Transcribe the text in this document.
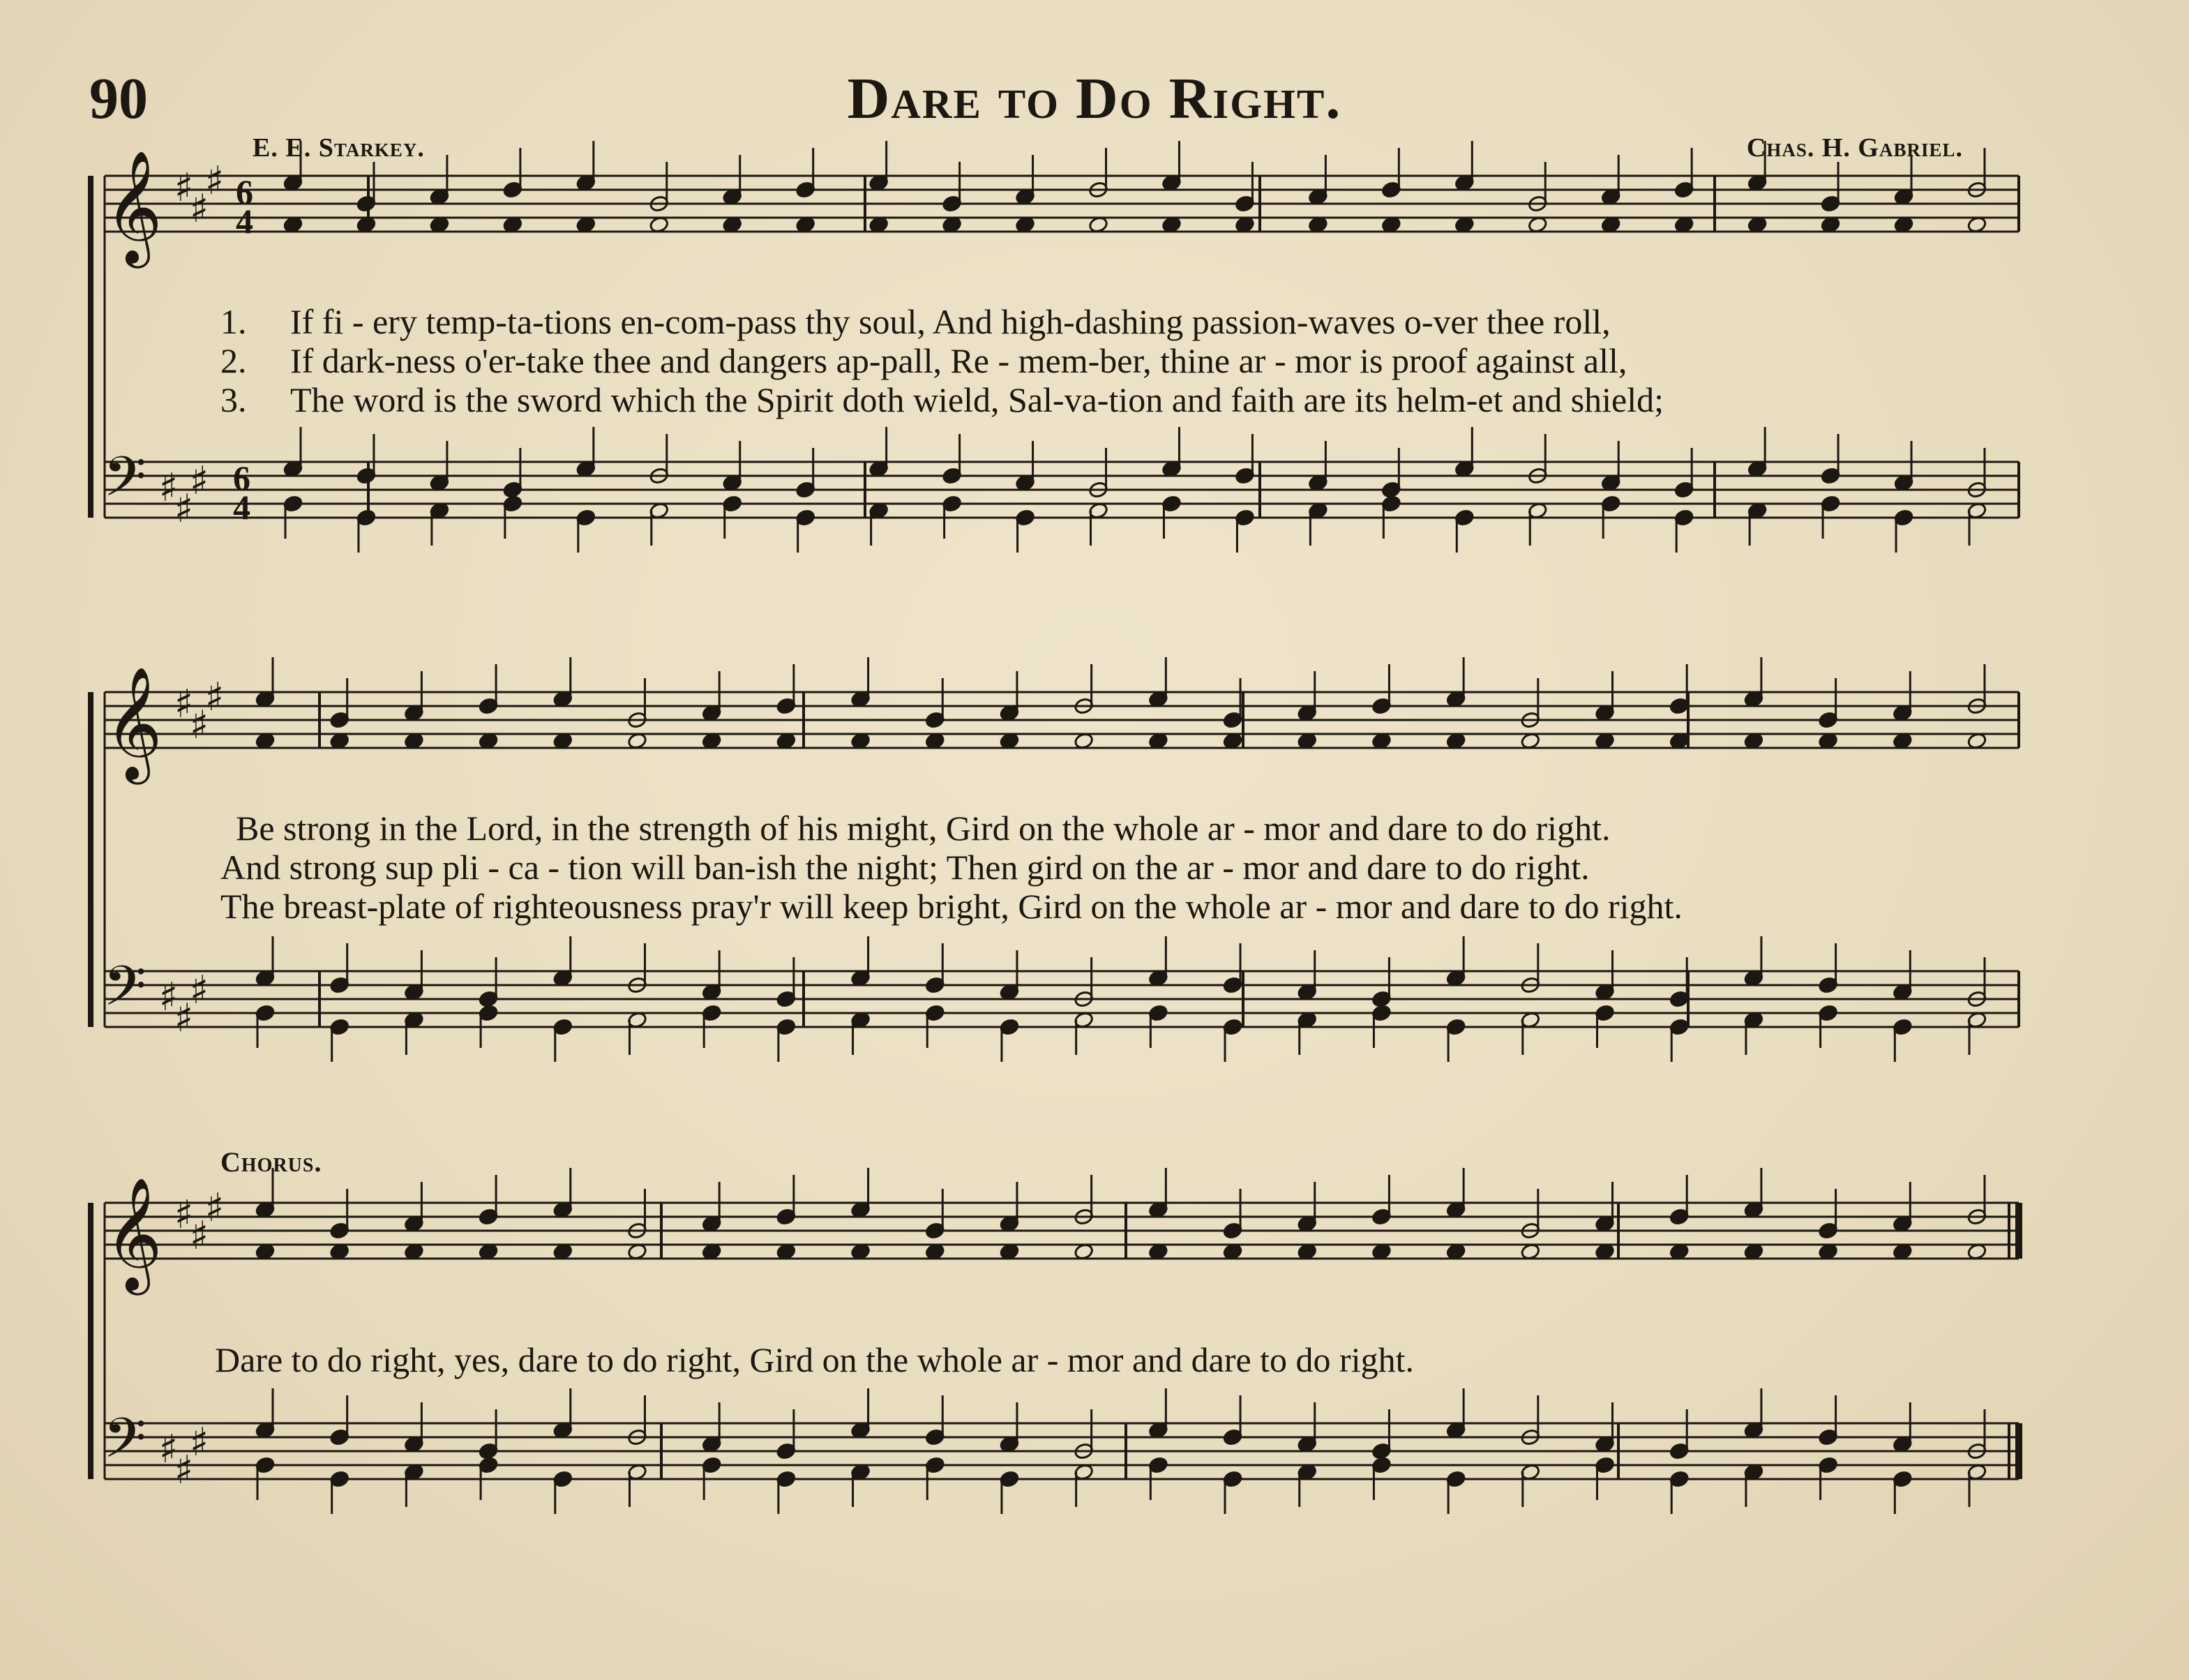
90	Dare to Do Right.
E. E. Starkey.	Chas. H. Gabriel.
𝄞 ♯
♯
♯
𝄢 ♯
♯
♯
6
4
6
4
𝄞 ♯
♯
♯
𝄢 ♯
♯
♯
𝄞 ♯
♯
♯
𝄢 ♯
♯
♯
1. If fi - ery temp-ta-tions en-com-pass thy soul, And high-dashing passion-waves o-ver thee roll,
2. If dark-ness o'er-take thee and dangers ap-pall, Re - mem-ber, thine ar - mor is proof against all,
3. The word is the sword which the Spirit doth wield, Sal-va-tion and faith are its helm-et and shield;
Be strong in the Lord, in the strength of his might, Gird on the whole ar - mor and dare to do right.
And strong sup pli - ca - tion will ban-ish the night; Then gird on the ar - mor and dare to do right.
The breast-plate of righteousness pray'r will keep bright, Gird on the whole ar - mor and dare to do right.
Chorus.
Dare to do right, yes, dare to do right, Gird on the whole ar - mor and dare to do right.
